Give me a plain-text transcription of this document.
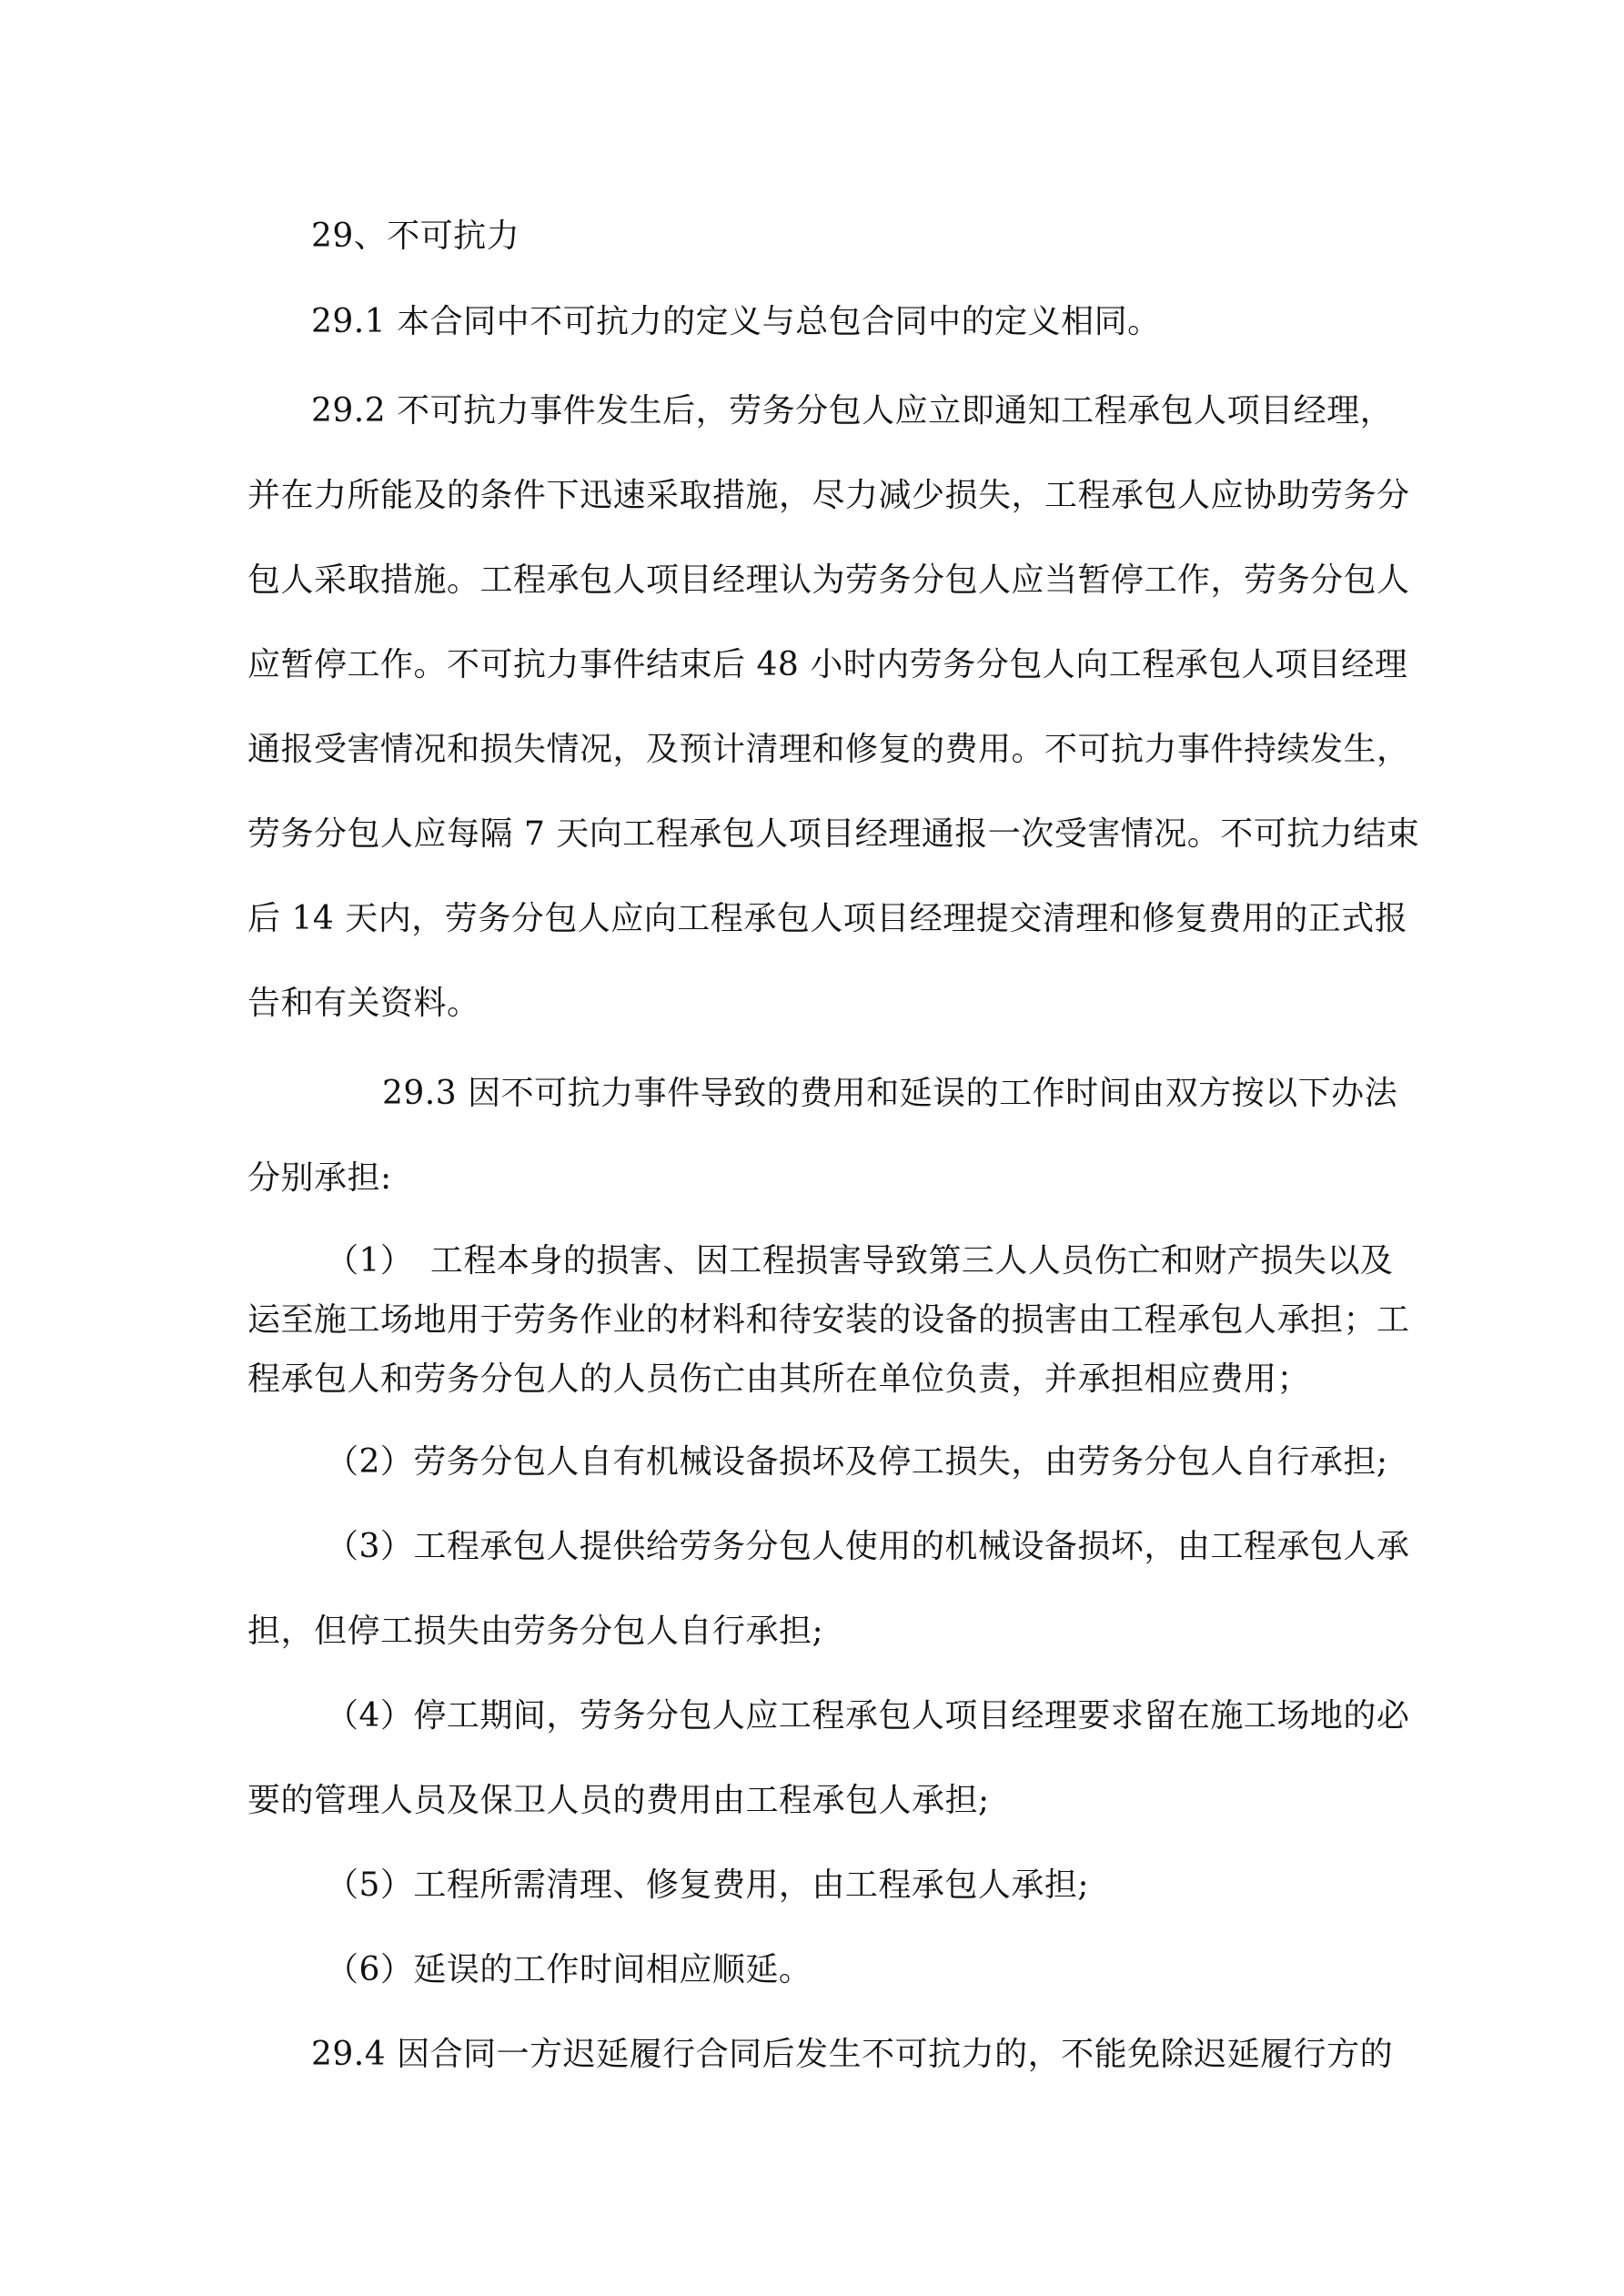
29、不可抗力
29.1 本合同中不可抗力的定义与总包合同中的定义相同。
29.2 不可抗力事件发生后，劳务分包人应立即通知工程承包人项目经理，
并在力所能及的条件下迅速采取措施，尽力减少损失，工程承包人应协助劳务分
包人采取措施。工程承包人项目经理认为劳务分包人应当暂停工作，劳务分包人
应暂停工作。不可抗力事件结束后 48 小时内劳务分包人向工程承包人项目经理
通报受害情况和损失情况，及预计清理和修复的费用。不可抗力事件持续发生，
劳务分包人应每隔 7 天向工程承包人项目经理通报一次受害情况。不可抗力结束
后 14 天内，劳务分包人应向工程承包人项目经理提交清理和修复费用的正式报
告和有关资料。
29.3 因不可抗力事件导致的费用和延误的工作时间由双方按以下办法
分别承担:
（1）　工程本身的损害、因工程损害导致第三人人员伤亡和财产损失以及
运至施工场地用于劳务作业的材料和待安装的设备的损害由工程承包人承担；工
程承包人和劳务分包人的人员伤亡由其所在单位负责，并承担相应费用；
（2）劳务分包人自有机械设备损坏及停工损失，由劳务分包人自行承担;
（3）工程承包人提供给劳务分包人使用的机械设备损坏，由工程承包人承
担，但停工损失由劳务分包人自行承担;
（4）停工期间，劳务分包人应工程承包人项目经理要求留在施工场地的必
要的管理人员及保卫人员的费用由工程承包人承担;
（5）工程所需清理、修复费用，由工程承包人承担;
（6）延误的工作时间相应顺延。
29.4 因合同一方迟延履行合同后发生不可抗力的，不能免除迟延履行方的
